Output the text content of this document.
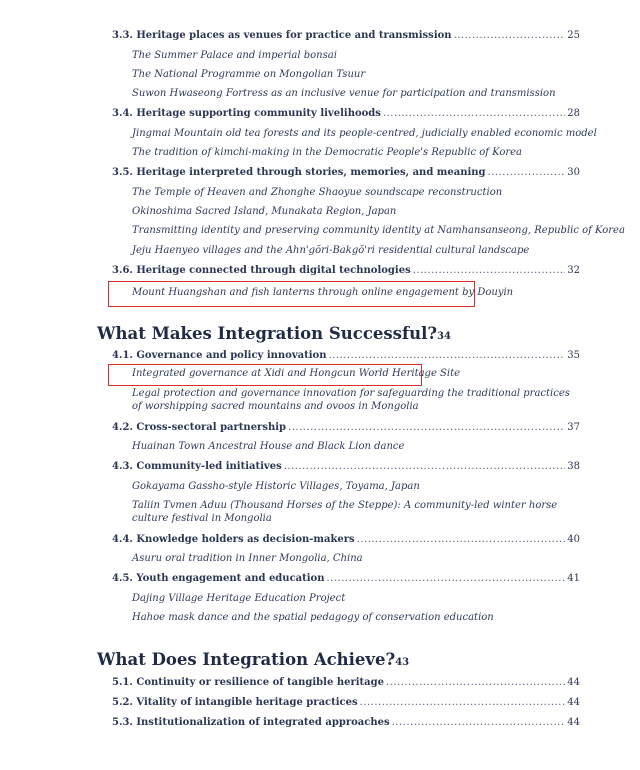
3.3. Heritage places as venues for practice and transmission .....	25
The Summer Palace and imperial bonsai
The National Programme on Mongolian Tsuur
Suwon Hwaseong Fortress as an inclusive venue for participation and transmission
3.4. Heritage supporting community livelihoods .....	28
Jingmai Mountain old tea forests and its people-centred, judicially enabled economic model
The tradition of kimchi-making in the Democratic People's Republic of Korea
3.5. Heritage interpreted through stories, memories, and meaning .....	30
The Temple of Heaven and Zhonghe Shaoyue soundscape reconstruction
Okinoshima Sacred Island, Munakata Region, Japan
Transmitting identity and preserving community identity at Namhansanseong, Republic of Korea
Jeju Haenyeo villages and the Ahn'gŏri-Bakgŏ'ri residential cultural landscape
3.6. Heritage connected through digital technologies .....	32
Mount Huangshan and fish lanterns through online engagement by Douyin
What Makes Integration Successful? 34
4.1. Governance and policy innovation .....	35
Integrated governance at Xidi and Hongcun World Heritage Site
Legal protection and governance innovation for safeguarding the traditional practices of worshipping sacred mountains and ovoos in Mongolia
4.2. Cross-sectoral partnership .....	37
Huainan Town Ancestral House and Black Lion dance
4.3. Community-led initiatives .....	38
Gokayama Gassho-style Historic Villages, Toyama, Japan
Taliin Tvmen Aduu (Thousand Horses of the Steppe): A community-led winter horse culture festival in Mongolia
4.4. Knowledge holders as decision-makers .....	40
Asuru oral tradition in Inner Mongolia, China
4.5. Youth engagement and education .....	41
Dajing Village Heritage Education Project
Hahoe mask dance and the spatial pedagogy of conservation education
What Does Integration Achieve? 43
5.1. Continuity or resilience of tangible heritage .....	44
5.2. Vitality of intangible heritage practices .....	44
5.3. Institutionalization of integrated approaches .....	44
